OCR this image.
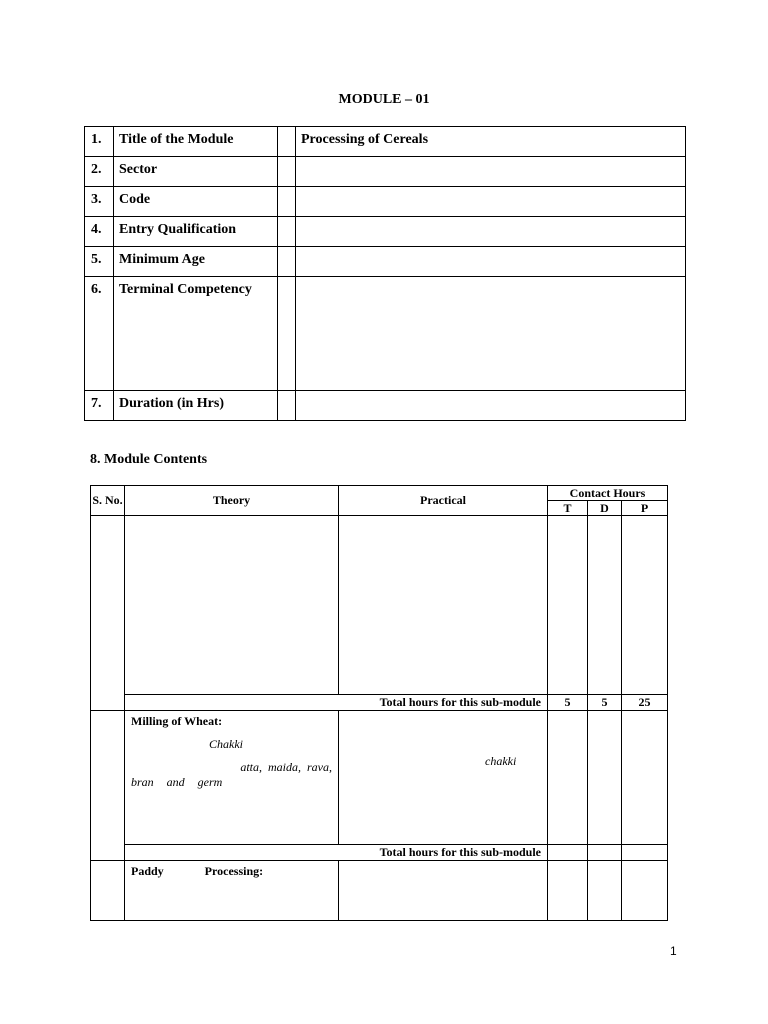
MODULE – 01
1.	Title of the Module		Processing of Cereals
2.	Sector		
3.	Code		
4.	Entry Qualification		
5.	Minimum Age		
6.	Terminal Competency		
7.	Duration (in Hrs)		
8. Module Contents
S. No.	Theory	Practical	Contact Hours		
			T	D	P

	Total hours for this sub-module		5	5	25

	Milling of Wheat:
Chakki
atta, maida, rava,
bran and germ	chakki			

	Total hours for this sub-module				
	Paddy Processing:				
1
